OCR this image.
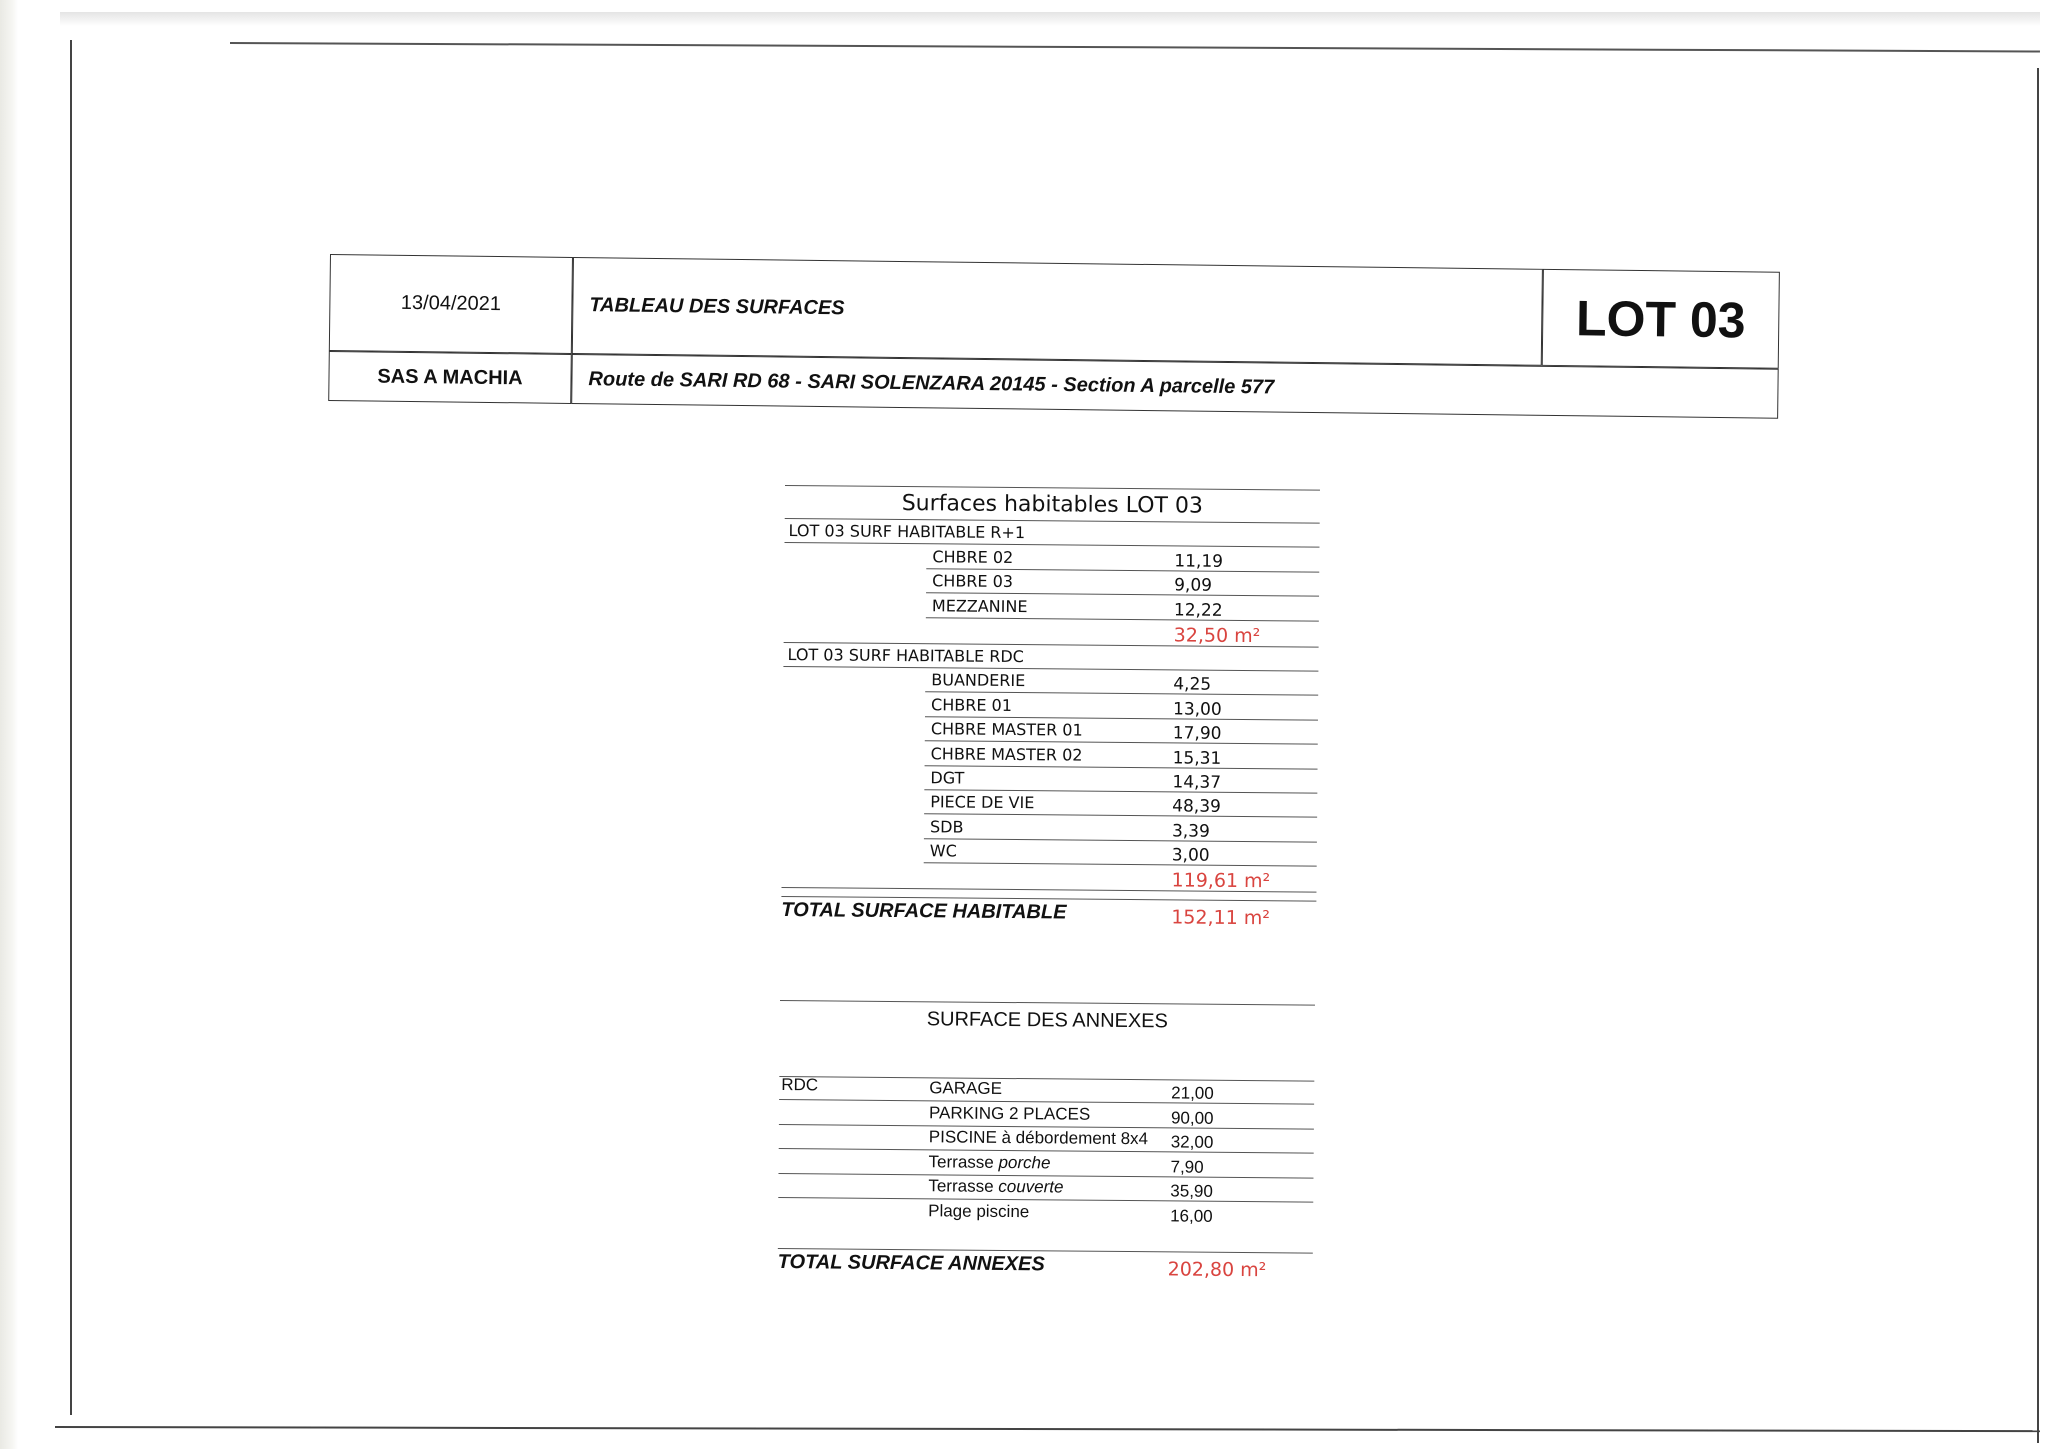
13/04/2021	TABLEAU DES SURFACES	LOT 03
SAS A MACHIA	Route de SARI RD 68 - SARI SOLENZARA 20145 - Section A parcelle 577
Surfaces habitables LOT 03
LOT 03 SURF HABITABLE R+1
CHBRE 02	11,19
CHBRE 03	9,09
MEZZANINE	12,22
32,50 m²
LOT 03 SURF HABITABLE RDC
BUANDERIE	4,25
CHBRE 01	13,00
CHBRE MASTER 01	17,90
CHBRE MASTER 02	15,31
DGT	14,37
PIECE DE VIE	48,39
SDB	3,39
WC	3,00
119,61 m²
TOTAL SURFACE HABITABLE	152,11 m²
SURFACE DES ANNEXES
RDC	GARAGE	21,00
PARKING 2 PLACES	90,00
PISCINE à débordement 8x4 32,00
Terrasse porche	7,90
Terrasse couverte	35,90
Plage piscine	16,00
TOTAL SURFACE ANNEXES	202,80 m²
